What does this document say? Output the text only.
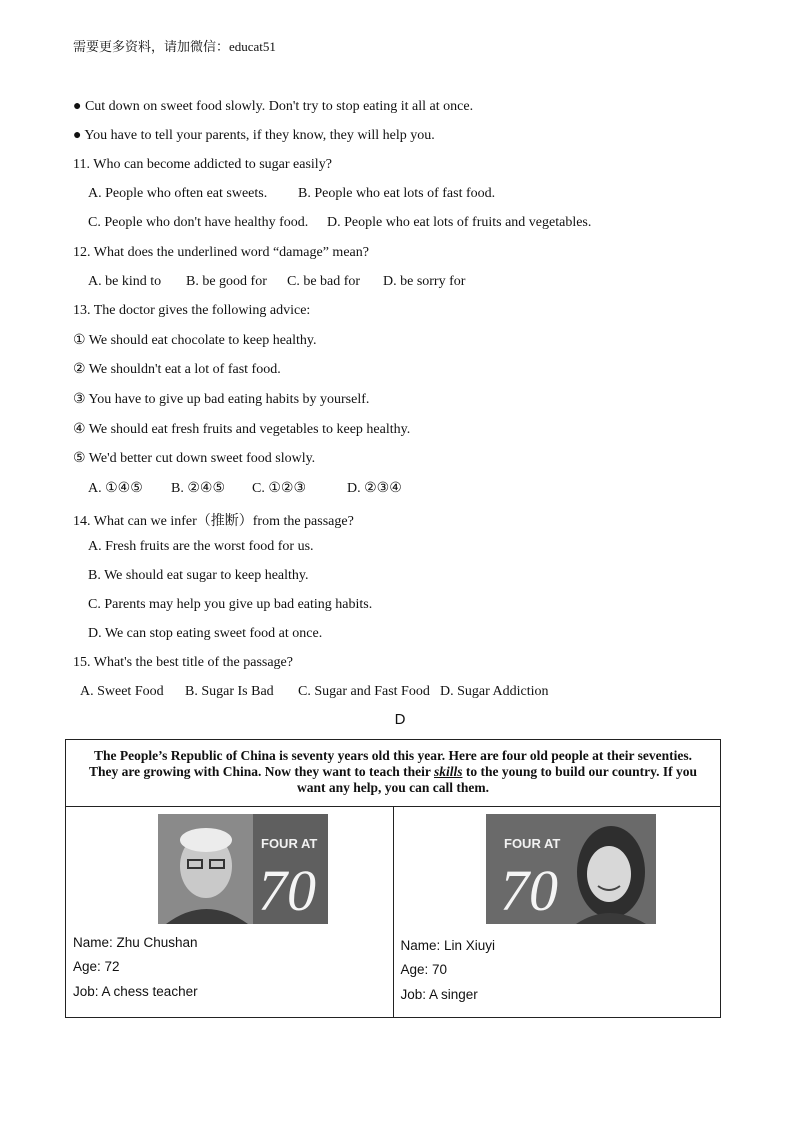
需要更多资料，请加微信：educat51
● Cut down on sweet food slowly. Don't try to stop eating it all at once.
● You have to tell your parents, if they know, they will help you.
11. Who can become addicted to sugar easily?
A. People who often eat sweets. B. People who eat lots of fast food.
C. People who don't have healthy food. D. People who eat lots of fruits and vegetables.
12. What does the underlined word “damage” mean?
A. be kind to B. be good for C. be bad for D. be sorry for
13. The doctor gives the following advice:
① We should eat chocolate to keep healthy.
② We shouldn't eat a lot of fast food.
③ You have to give up bad eating habits by yourself.
④ We should eat fresh fruits and vegetables to keep healthy.
⑤ We'd better cut down sweet food slowly.
A. ①④⑤ B. ②④⑤ C. ①②③	D. ②③④
14. What can we infer（推断）from the passage?
A. Fresh fruits are the worst food for us.
B. We should eat sugar to keep healthy.
C. Parents may help you give up bad eating habits.
D. We can stop eating sweet food at once.
15. What's the best title of the passage?
A. Sweet Food B. Sugar Is Bad C. Sugar and Fast Food D. Sugar Addiction
D
The People’s Republic of China is seventy years old this year. Here are four old people at their seventies. They are growing with China. Now they want to teach their skills to the young to build our country. If you want any help, you can call them.

FOUR AT
70
Name: Zhu Chushan
Age: 72
Job: A chess teacher

FOUR AT
70
Name: Lin Xiuyi
Age: 70
Job: A singer
